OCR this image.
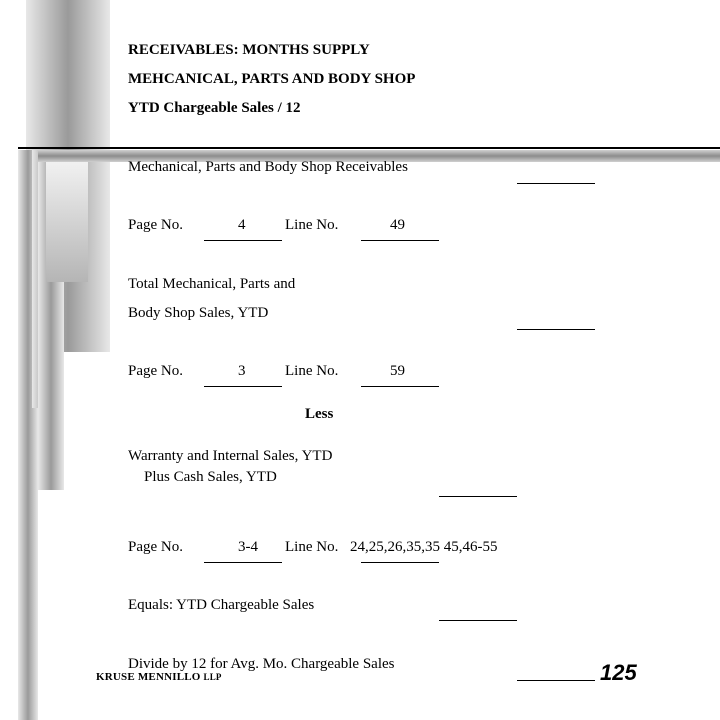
RECEIVABLES: MONTHS SUPPLY
MEHCANICAL, PARTS AND BODY SHOP
YTD Chargeable Sales / 12
Mechanical, Parts and Body Shop Receivables
Page No.	4	Line No.	49
Total Mechanical, Parts and
Body Shop Sales, YTD
Page No.	3	Line No.	59
Less
Warranty and Internal Sales, YTD
Plus Cash Sales, YTD
Page No.	3-4 Line No. 24,25,26,35,35 45,46-55
Equals: YTD Chargeable Sales
Divide by 12 for Avg. Mo. Chargeable Sales
KRUSE MENNILLO LLP	125
